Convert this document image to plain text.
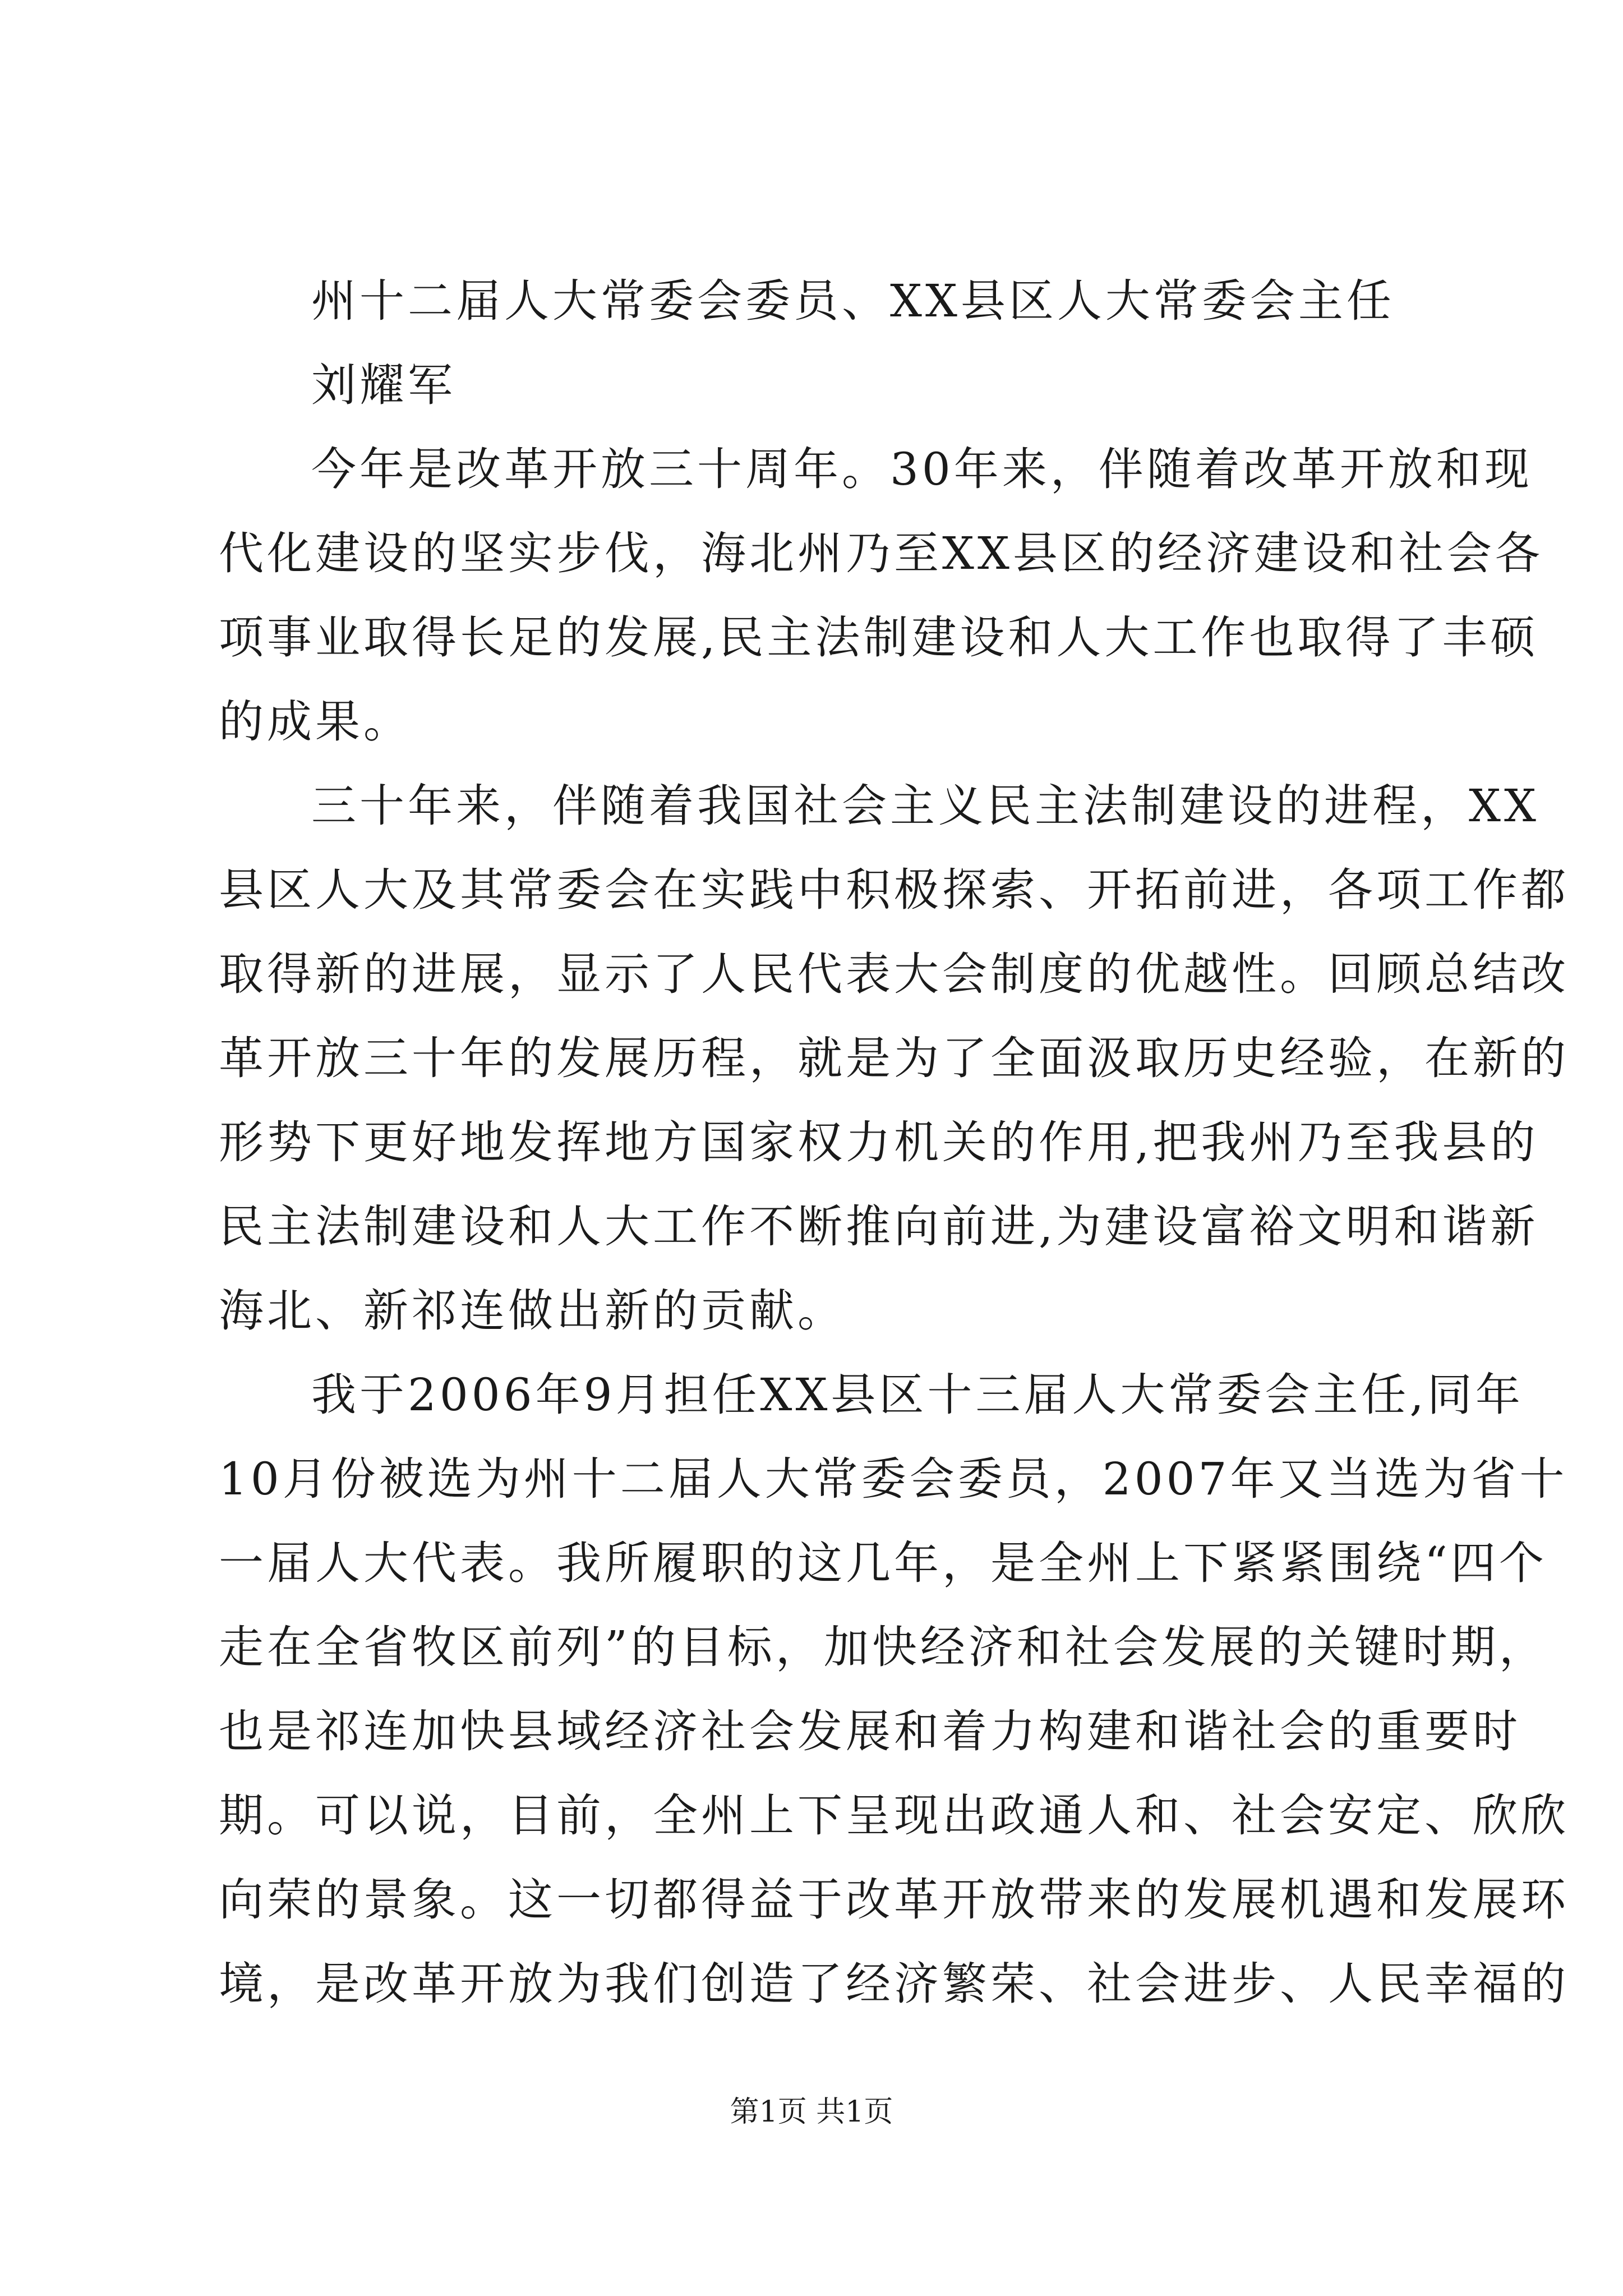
州十二届人大常委会委员、XX县区人大常委会主任
刘耀军
今年是改革开放三十周年。30年来，伴随着改革开放和现
代化建设的坚实步伐，海北州乃至XX县区的经济建设和社会各
项事业取得长足的发展,民主法制建设和人大工作也取得了丰硕
的成果。
三十年来，伴随着我国社会主义民主法制建设的进程，XX
县区人大及其常委会在实践中积极探索、开拓前进，各项工作都
取得新的进展，显示了人民代表大会制度的优越性。回顾总结改
革开放三十年的发展历程，就是为了全面汲取历史经验，在新的
形势下更好地发挥地方国家权力机关的作用,把我州乃至我县的
民主法制建设和人大工作不断推向前进,为建设富裕文明和谐新
海北、新祁连做出新的贡献。
我于2006年9月担任XX县区十三届人大常委会主任,同年
10月份被选为州十二届人大常委会委员，2007年又当选为省十
一届人大代表。我所履职的这几年，是全州上下紧紧围绕“四个
走在全省牧区前列”的目标，加快经济和社会发展的关键时期，
也是祁连加快县域经济社会发展和着力构建和谐社会的重要时
期。可以说，目前，全州上下呈现出政通人和、社会安定、欣欣
向荣的景象。这一切都得益于改革开放带来的发展机遇和发展环
境，是改革开放为我们创造了经济繁荣、社会进步、人民幸福的
第1页 共1页
